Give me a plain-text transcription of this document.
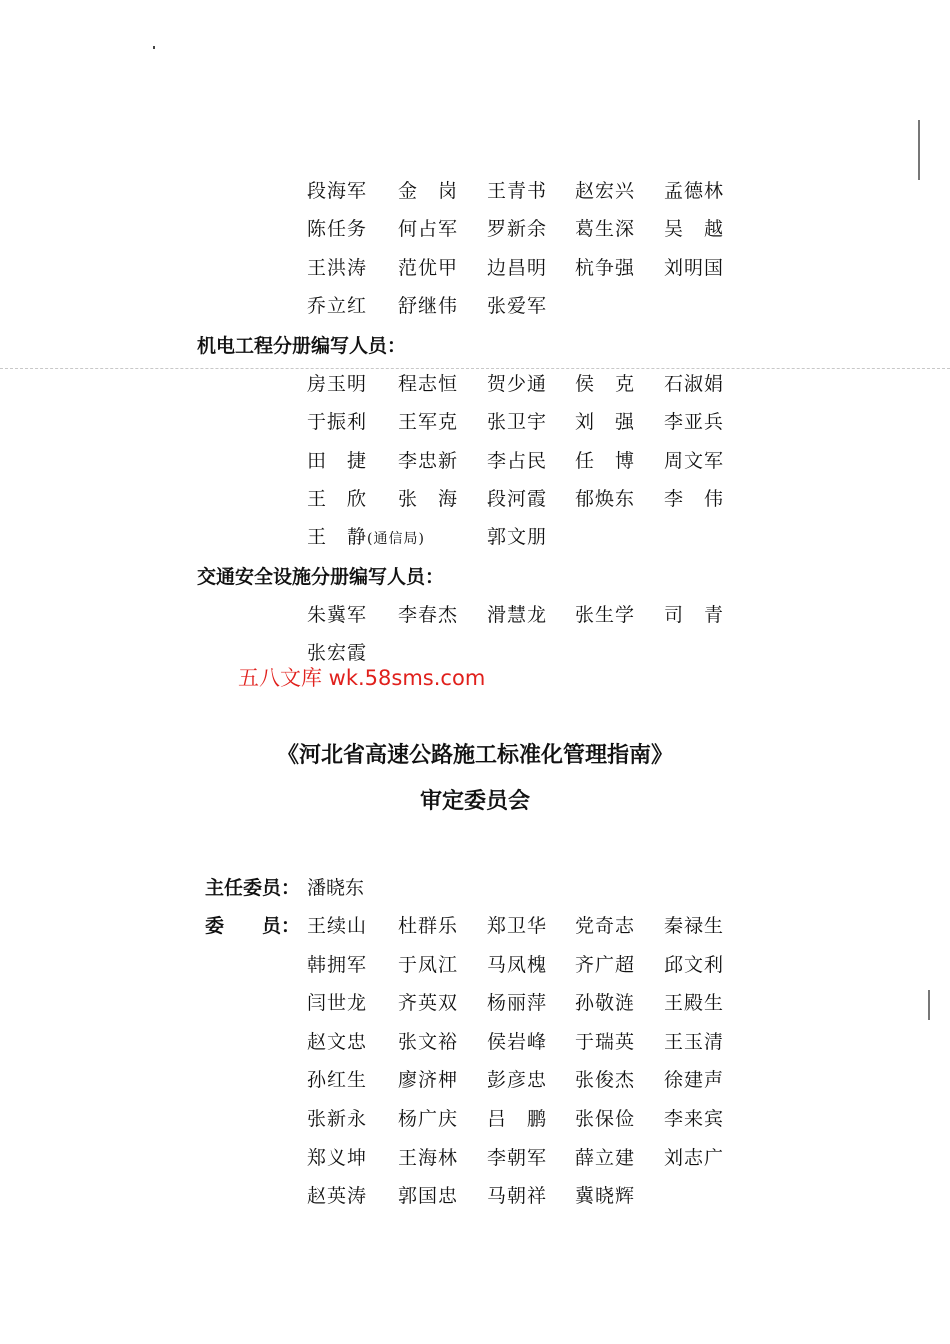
段海军 金　岗 王青书 赵宏兴 孟德林
陈任务 何占军 罗新余 葛生深 吴　越
王洪涛 范优甲 边昌明 杭争强 刘明国
乔立红 舒继伟 张爱军
机电工程分册编写人员：
房玉明 程志恒 贺少通 侯　克 石淑娟
于振利 王军克 张卫宇 刘　强 李亚兵
田　捷 李忠新 李占民 任　博 周文军
王　欣 张　海 段河霞 郁焕东 李　伟
王　静(通信局)	郭文朋
交通安全设施分册编写人员：
朱冀军 李春杰 滑慧龙 张生学 司　青
张宏霞
五八文库 wk.58sms.com
《河北省高速公路施工标准化管理指南》
审定委员会
主任委员： 潘晓东
委　　员： 王续山 杜群乐 郑卫华 党奇志 秦禄生
韩拥军 于凤江 马凤槐 齐广超 邱文利
闫世龙 齐英双 杨丽萍 孙敬涟 王殿生
赵文忠 张文裕 侯岩峰 于瑞英 王玉清
孙红生 廖济柙 彭彦忠 张俊杰 徐建声
张新永 杨广庆 吕　鹏 张保俭 李来宾
郑义坤 王海林 李朝军 薛立建 刘志广
赵英涛 郭国忠 马朝祥 冀晓辉
